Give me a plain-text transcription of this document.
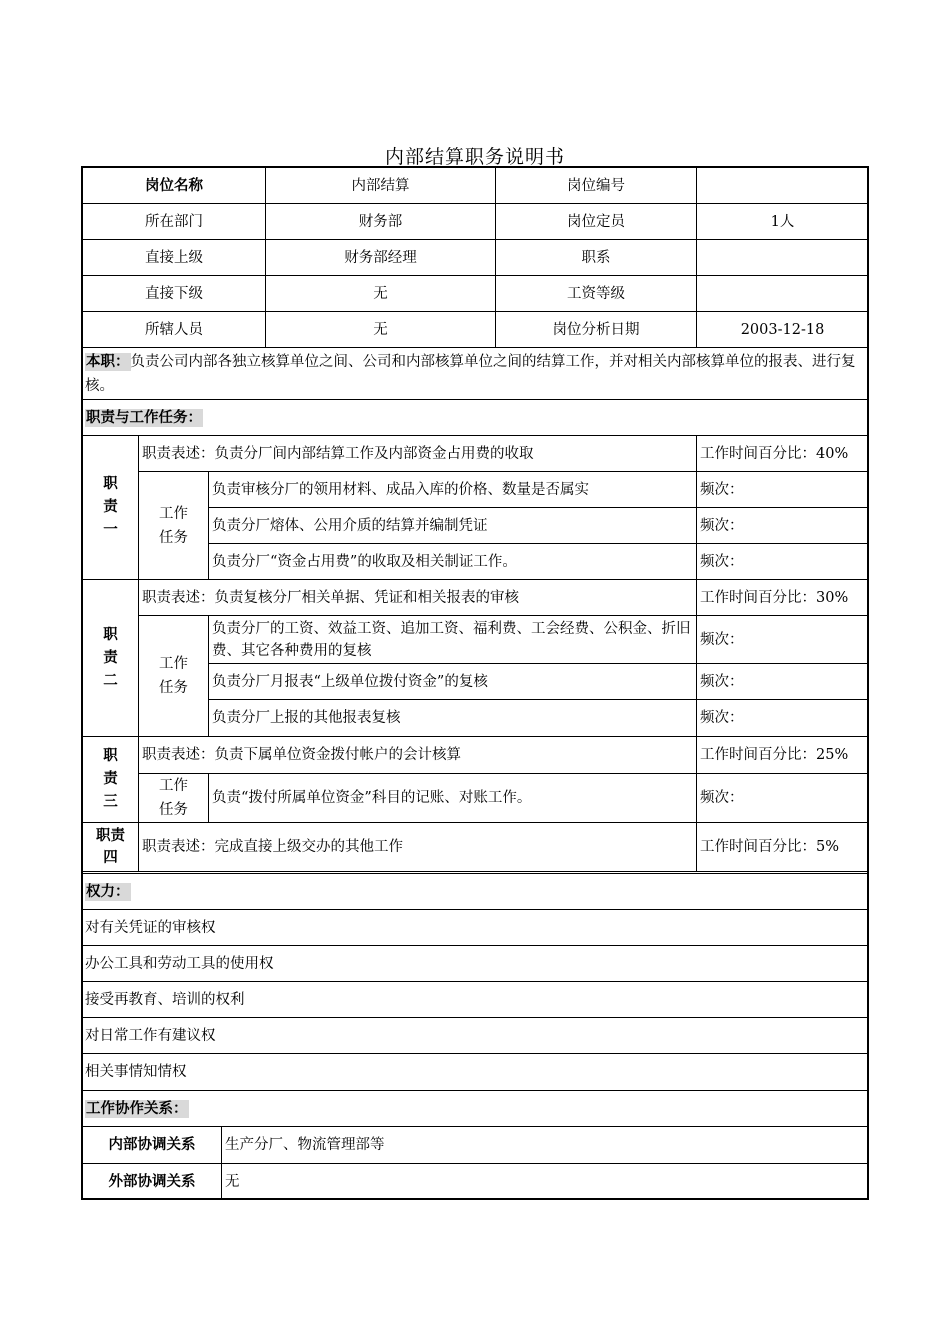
内部结算职务说明书
岗位名称	内部结算	岗位编号	
所在部门	财务部	岗位定员	1人
直接上级	财务部经理	职系	
直接下级	无	工资等级	
所辖人员	无	岗位分析日期	2003-12-18
本职：负责公司内部各独立核算单位之间、公司和内部核算单位之间的结算工作，并对相关内部核算单位的报表、进行复核。
职责与工作任务：
职责一	职责表述：负责分厂间内部结算工作及内部资金占用费的收取		工作时间百分比：40%

	工作任务	负责审核分厂的领用材料、成品入库的价格、数量是否属实	频次：
		负责分厂熔体、公用介质的结算并编制凭证	频次：
		负责分厂“资金占用费”的收取及相关制证工作。	频次：

职责二	职责表述：负责复核分厂相关单据、凭证和相关报表的审核		工作时间百分比：30%

	工作任务	负责分厂的工资、效益工资、追加工资、福利费、工会经费、公积金、折旧费、其它各种费用的复核	频次：
		负责分厂月报表“上级单位拨付资金”的复核	频次：
		负责分厂上报的其他报表复核	频次：

职责三	职责表述：负责下属单位资金拨付帐户的会计核算		工作时间百分比：25%

	工作任务	负责“拨付所属单位资金”科目的记账、对账工作。	频次：

职责四	职责表述：完成直接上级交办的其他工作		工作时间百分比：5%
权力：
对有关凭证的审核权
办公工具和劳动工具的使用权
接受再教育、培训的权利
对日常工作有建议权
相关事情知情权
工作协作关系：
内部协调关系	生产分厂、物流管理部等
外部协调关系	无
